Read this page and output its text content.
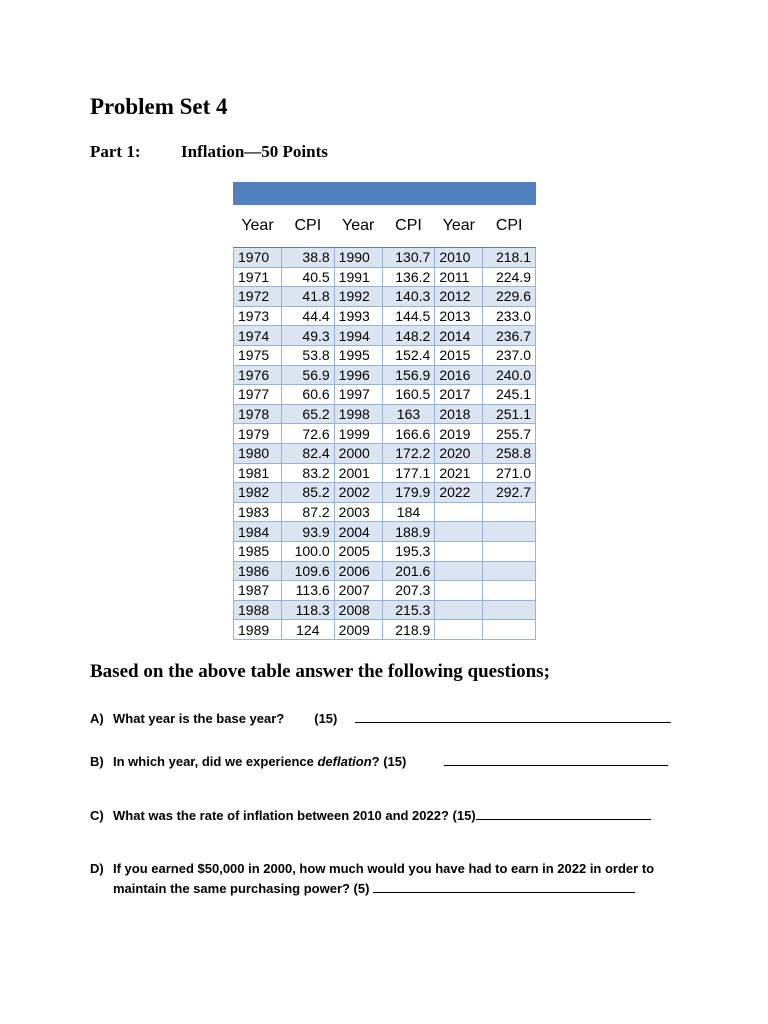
Problem Set 4
Part 1: Inflation—50 Points

Year	CPI	Year	CPI	Year	CPI
1970	38.8	1990	130.7	2010	218.1
1971	40.5	1991	136.2	2011	224.9
1972	41.8	1992	140.3	2012	229.6
1973	44.4	1993	144.5	2013	233.0
1974	49.3	1994	148.2	2014	236.7
1975	53.8	1995	152.4	2015	237.0
1976	56.9	1996	156.9	2016	240.0
1977	60.6	1997	160.5	2017	245.1
1978	65.2	1998	163	2018	251.1
1979	72.6	1999	166.6	2019	255.7
1980	82.4	2000	172.2	2020	258.8
1981	83.2	2001	177.1	2021	271.0
1982	85.2	2002	179.9	2022	292.7
1983	87.2	2003	184		
1984	93.9	2004	188.9		
1985	100.0	2005	195.3		
1986	109.6	2006	201.6		
1987	113.6	2007	207.3		
1988	118.3	2008	215.3		
1989	124	2009	218.9		
Based on the above table answer the following questions;
A) What year is the base year? (15)
B) In which year, did we experience deflation? (15)
C) What was the rate of inflation between 2010 and 2022? (15)
D) If you earned $50,000 in 2000, how much would you have had to earn in 2022 in order to
maintain the same purchasing power? (5)
